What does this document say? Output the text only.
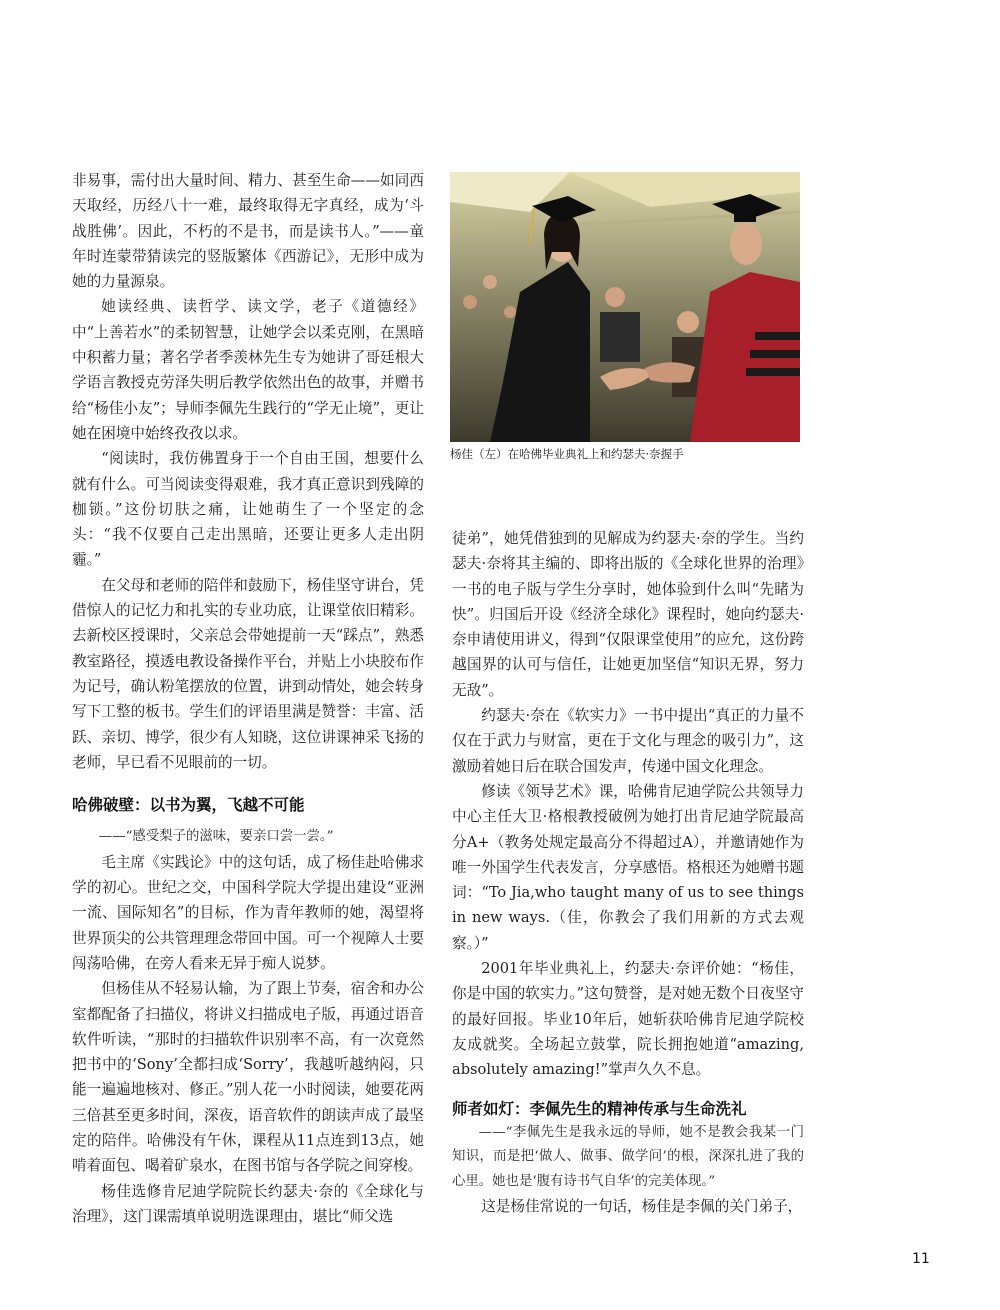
非易事，需付出大量时间、精力、甚至生命——如同西天取经，历经八十一难，最终取得无字真经，成为‘斗战胜佛’。因此，不朽的不是书，而是读书人。”——童年时连蒙带猜读完的竖版繁体《西游记》，无形中成为她的力量源泉。

她读经典、读哲学、读文学，老子《道德经》中“上善若水”的柔韧智慧，让她学会以柔克刚，在黑暗中积蓄力量；著名学者季羡林先生专为她讲了哥廷根大学语言教授克劳泽失明后教学依然出色的故事，并赠书给“杨佳小友”；导师李佩先生践行的“学无止境”，更让她在困境中始终孜孜以求。

“阅读时，我仿佛置身于一个自由王国，想要什么就有什么。可当阅读变得艰难，我才真正意识到残障的枷锁。”这份切肤之痛，让她萌生了一个坚定的念头：“我不仅要自己走出黑暗，还要让更多人走出阴霾。”

在父母和老师的陪伴和鼓励下，杨佳坚守讲台，凭借惊人的记忆力和扎实的专业功底，让课堂依旧精彩。去新校区授课时，父亲总会带她提前一天“踩点”，熟悉教室路径，摸透电教设备操作平台，并贴上小块胶布作为记号，确认粉笔摆放的位置，讲到动情处，她会转身写下工整的板书。学生们的评语里满是赞誉：丰富、活跃、亲切、博学，很少有人知晓，这位讲课神采飞扬的老师，早已看不见眼前的一切。

哈佛破壁：以书为翼，飞越不可能

——“感受梨子的滋味，要亲口尝一尝。”

毛主席《实践论》中的这句话，成了杨佳赴哈佛求学的初心。世纪之交，中国科学院大学提出建设“亚洲一流、国际知名”的目标，作为青年教师的她，渴望将世界顶尖的公共管理理念带回中国。可一个视障人士要闯荡哈佛，在旁人看来无异于痴人说梦。

但杨佳从不轻易认输，为了跟上节奏，宿舍和办公室都配备了扫描仪，将讲义扫描成电子版，再通过语音软件听读，“那时的扫描软件识别率不高，有一次竟然把书中的‘Sony’全都扫成‘Sorry’，我越听越纳闷，只能一遍遍地核对、修正。”别人花一小时阅读，她要花两三倍甚至更多时间，深夜，语音软件的朗读声成了最坚定的陪伴。哈佛没有午休，课程从11点连到13点，她啃着面包、喝着矿泉水，在图书馆与各学院之间穿梭。

杨佳选修肯尼迪学院院长约瑟夫·奈的《全球化与治理》，这门课需填单说明选课理由，堪比“师父选

杨佳（左）在哈佛毕业典礼上和约瑟夫·奈握手

徒弟”，她凭借独到的见解成为约瑟夫·奈的学生。当约瑟夫·奈将其主编的、即将出版的《全球化世界的治理》一书的电子版与学生分享时，她体验到什么叫“先睹为快”。归国后开设《经济全球化》课程时，她向约瑟夫·奈申请使用讲义，得到“仅限课堂使用”的应允，这份跨越国界的认可与信任，让她更加坚信“知识无界，努力无敌”。

约瑟夫·奈在《软实力》一书中提出“真正的力量不仅在于武力与财富，更在于文化与理念的吸引力”，这激励着她日后在联合国发声，传递中国文化理念。

修读《领导艺术》课，哈佛肯尼迪学院公共领导力中心主任大卫·格根教授破例为她打出肯尼迪学院最高分A+（教务处规定最高分不得超过A），并邀请她作为唯一外国学生代表发言，分享感悟。格根还为她赠书题词：“To Jia,who taught many of us to see things in new ways.（佳，你教会了我们用新的方式去观察。）”

2001年毕业典礼上，约瑟夫·奈评价她：“杨佳，你是中国的软实力。”这句赞誉，是对她无数个日夜坚守的最好回报。毕业10年后，她斩获哈佛肯尼迪学院校友成就奖。全场起立鼓掌，院长拥抱她道“amazing, absolutely amazing!”掌声久久不息。

师者如灯：李佩先生的精神传承与生命洗礼

——“李佩先生是我永远的导师，她不是教会我某一门知识，而是把‘做人、做事、做学问’的根，深深扎进了我的心里。她也是‘腹有诗书气自华’的完美体现。”

这是杨佳常说的一句话，杨佳是李佩的关门弟子，

11
